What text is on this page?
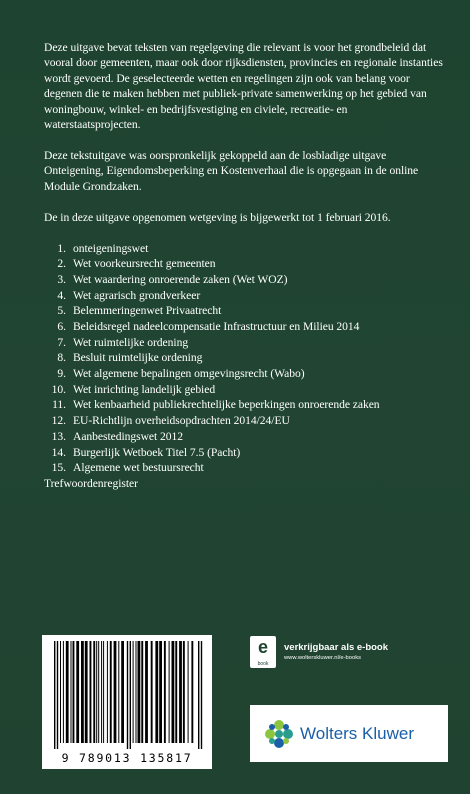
Deze uitgave bevat teksten van regelgeving die relevant is voor het grondbeleid dat vooral door gemeenten, maar ook door rijksdiensten, provincies en regionale instanties wordt gevoerd. De geselecteerde wetten en regelingen zijn ook van belang voor degenen die te maken hebben met publiek-private samenwerking op het gebied van woningbouw, winkel- en bedrijfsvestiging en civiele, recreatie- en waterstaatsprojecten.

Deze tekstuitgave was oorspronkelijk gekoppeld aan de losbladige uitgave Onteigening, Eigendomsbeperking en Kostenverhaal die is opgegaan in de online Module Grondzaken.

De in deze uitgave opgenomen wetgeving is bijgewerkt tot 1 februari 2016.

1. onteigeningswet
2. Wet voorkeursrecht gemeenten
3. Wet waardering onroerende zaken (Wet WOZ)
4. Wet agrarisch grondverkeer
5. Belemmeringenwet Privaatrecht
6. Beleidsregel nadeelcompensatie Infrastructuur en Milieu 2014
7. Wet ruimtelijke ordening
8. Besluit ruimtelijke ordening
9. Wet algemene bepalingen omgevingsrecht (Wabo)
10. Wet inrichting landelijk gebied
11. Wet kenbaarheid publiekrechtelijke beperkingen onroerende zaken
12. EU-Richtlijn overheidsopdrachten 2014/24/EU
13. Aanbestedingswet 2012
14. Burgerlijk Wetboek Titel 7.5 (Pacht)
15. Algemene wet bestuursrecht
Trefwoordenregister
9 789013 135817
e
book
verkrijgbaar als e-book
www.wolterskluwer.nl/e-books
Wolters Kluwer
